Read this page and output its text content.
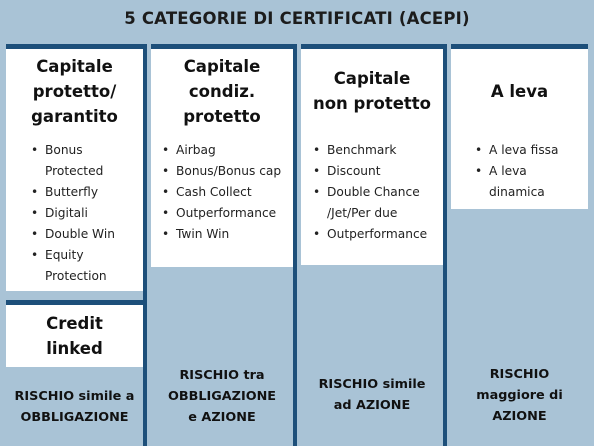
5 CATEGORIE DI CERTIFICATI (ACEPI)
Capitale
protetto/
garantito
• Bonus
Protected
• Butterfly
• Digitali
• Double Win
• Equity
Protection
Credit
linked
RISCHIO simile a
OBBLIGAZIONE
Capitale
condiz.
protetto
• Airbag
• Bonus/Bonus cap
• Cash Collect
• Outperformance
• Twin Win
RISCHIO tra
OBBLIGAZIONE
e AZIONE
Capitale
non protetto
• Benchmark
• Discount
• Double Chance
/Jet/Per due
• Outperformance
RISCHIO simile
ad AZIONE
A leva
• A leva fissa
• A leva
dinamica
RISCHIO
maggiore di
AZIONE
